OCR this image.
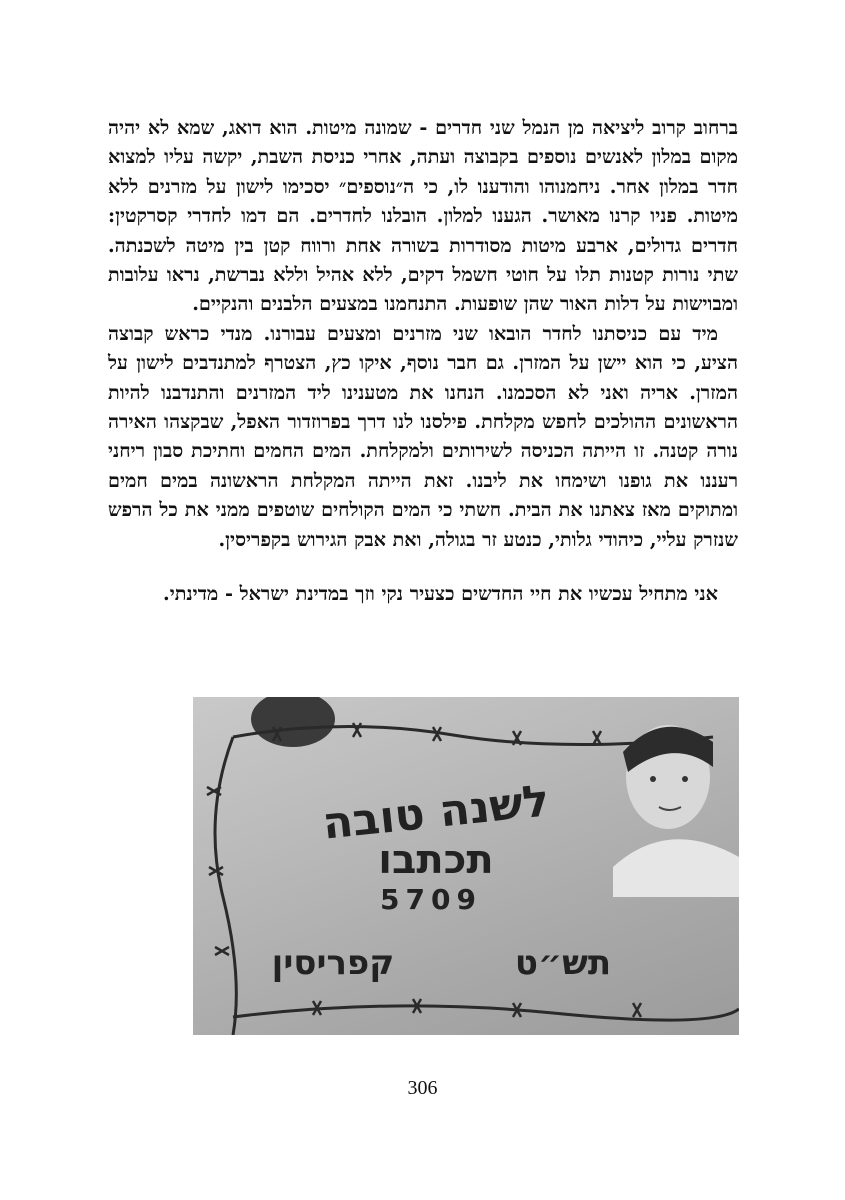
ברחוב קרוב ליציאה מן הנמל שני חדרים - שמונה מיטות. הוא דואג, שמא לא יהיה מקום במלון לאנשים נוספים בקבוצה ועתה, אחרי כניסת השבת, יקשה עליו למצוא חדר במלון אחר. ניחמנוהו והודענו לו, כי ה״נוספים״ יסכימו לישון על מזרנים ללא מיטות. פניו קרנו מאושר. הגענו למלון. הובלנו לחדרים. הם דמו לחדרי קסרקטין: חדרים גדולים, ארבע מיטות מסודרות בשורה אחת ורווח קטן בין מיטה לשכנתה. שתי נורות קטנות תלו על חוטי חשמל דקים, ללא אהיל וללא נברשת, נראו עלובות ומבוישות על דלות האור שהן שופעות. התנחמנו במצעים הלבנים והנקיים.

מיד עם כניסתנו לחדר הובאו שני מזרנים ומצעים עבורנו. מנדי כראש קבוצה הציע, כי הוא יישן על המזרן. גם חבר נוסף, איקו כץ, הצטרף למתנדבים לישון על המזרן. אריה ואני לא הסכמנו. הנחנו את מטענינו ליד המזרנים והתנדבנו להיות הראשונים ההולכים לחפש מקלחת. פילסנו לנו דרך בפרוזדור האפל, שבקצהו האירה נורה קטנה. זו הייתה הכניסה לשירותים ולמקלחת. המים החמים וחתיכת סבון ריחני רעננו את גופנו ושימחו את ליבנו. זאת הייתה המקלחת הראשונה במים חמים ומתוקים מאז צאתנו את הבית. חשתי כי המים הקולחים שוטפים ממני את כל הרפש שנזרק עליי, כיהודי גלותי, כנטע זר בגולה, ואת אבק הגירוש בקפריסין.

אני מתחיל עכשיו את חיי החדשים כצעיר נקי וזך במדינת ישראל - מדינתי.

לשנה טובה
תכתבו
5709
קפריסין	תש״ט
306
